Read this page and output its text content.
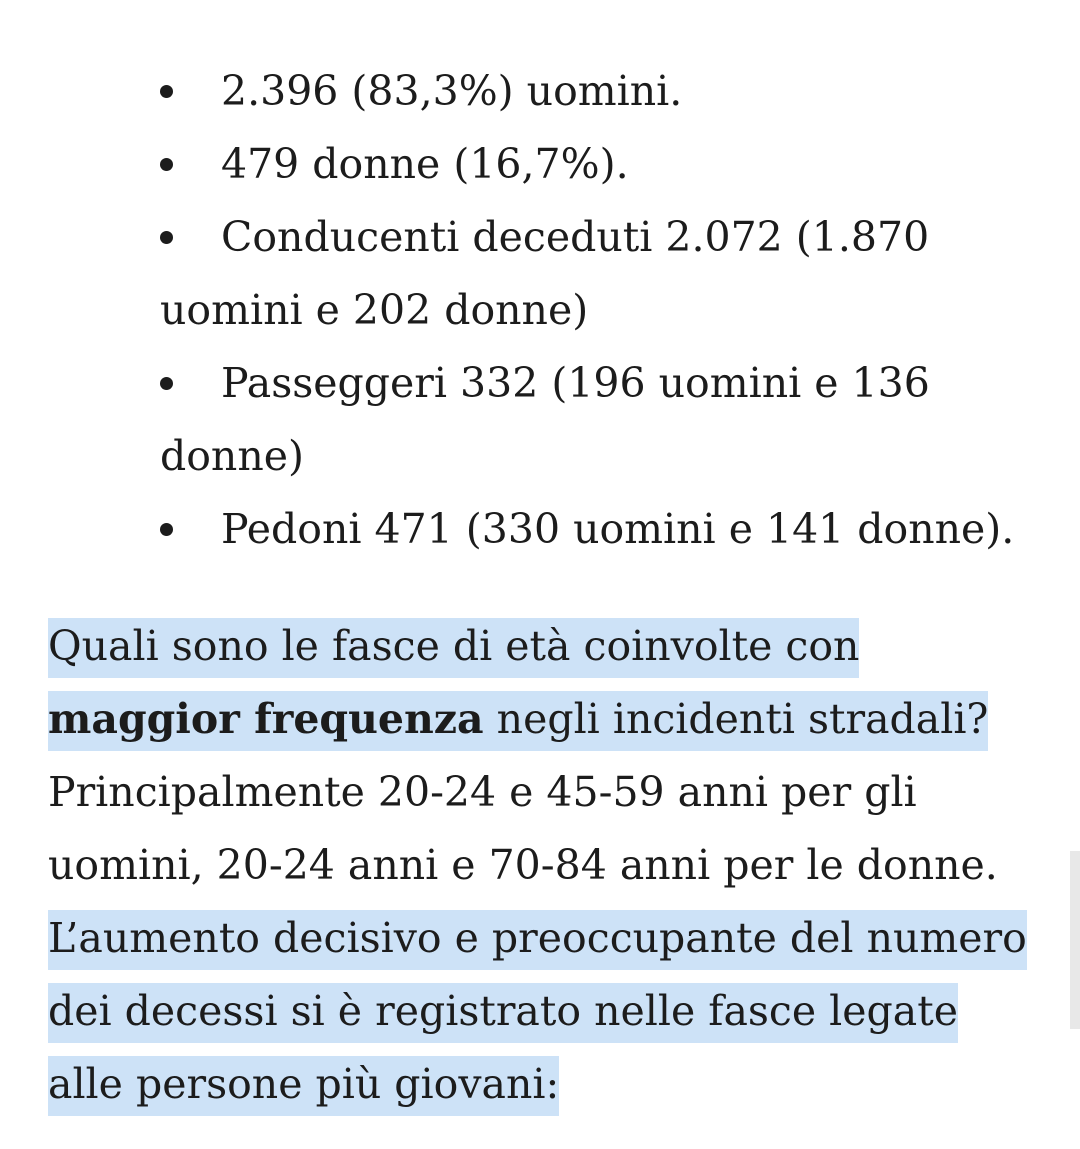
2.396 (83,3%) uomini.
479 donne (16,7%).
Conducenti deceduti 2.072 (1.870 uomini e 202 donne)
Passeggeri 332 (196 uomini e 136 donne)
Pedoni 471 (330 uomini e 141 donne).

Quali sono le fasce di età coinvolte con maggior frequenza negli incidenti stradali? Principalmente 20-24 e 45-59 anni per gli uomini, 20-24 anni e 70-84 anni per le donne. L’aumento decisivo e preoccupante del numero dei decessi si è registrato nelle fasce legate alle persone più giovani:
